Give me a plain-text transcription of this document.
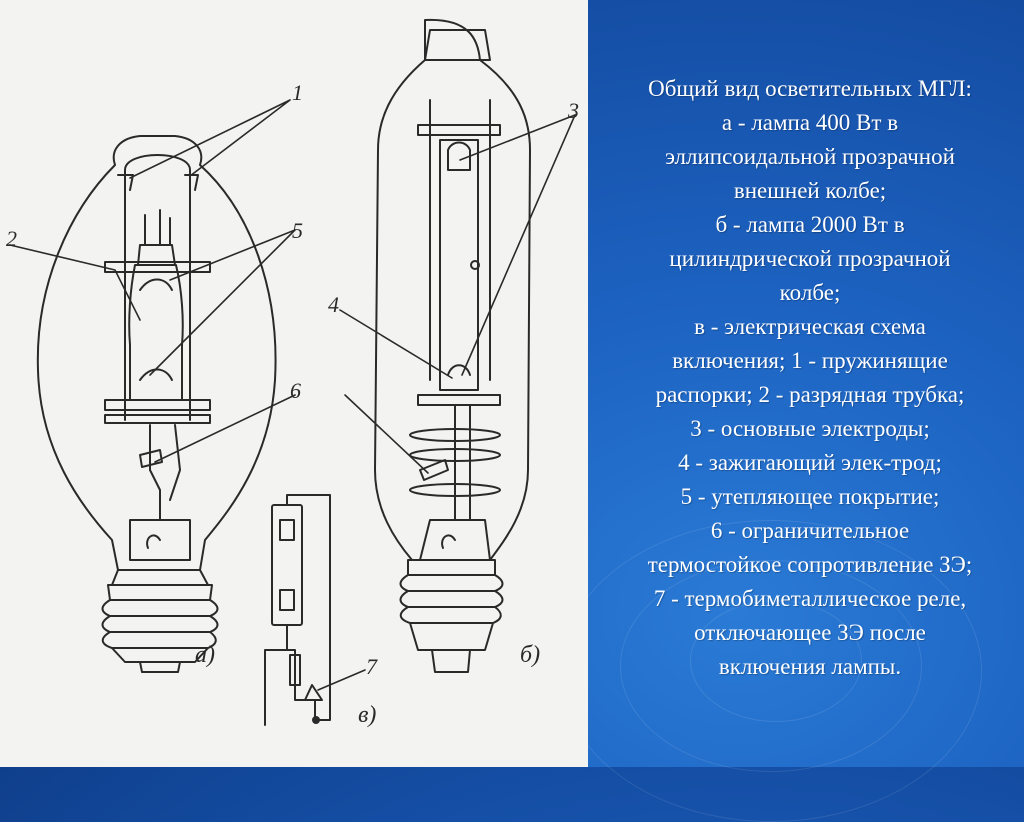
1
2
3
4
5
6
7
а)	б)
в)
Общий вид осветительных МГЛ:
а - лампа 400 Вт в
эллипсоидальной прозрачной
внешней колбе;
б - лампа 2000 Вт в
цилиндрической прозрачной
колбе;
в - электрическая схема
включения; 1 - пружинящие
распорки; 2 - разрядная трубка;
3 - основные электроды;
4 - зажигающий элек-трод;
5 - утепляющее покрытие;
6 - ограничительное
термостойкое сопротивление ЗЭ;
7 - термобиметаллическое реле,
отключающее ЗЭ после
включения лампы.
